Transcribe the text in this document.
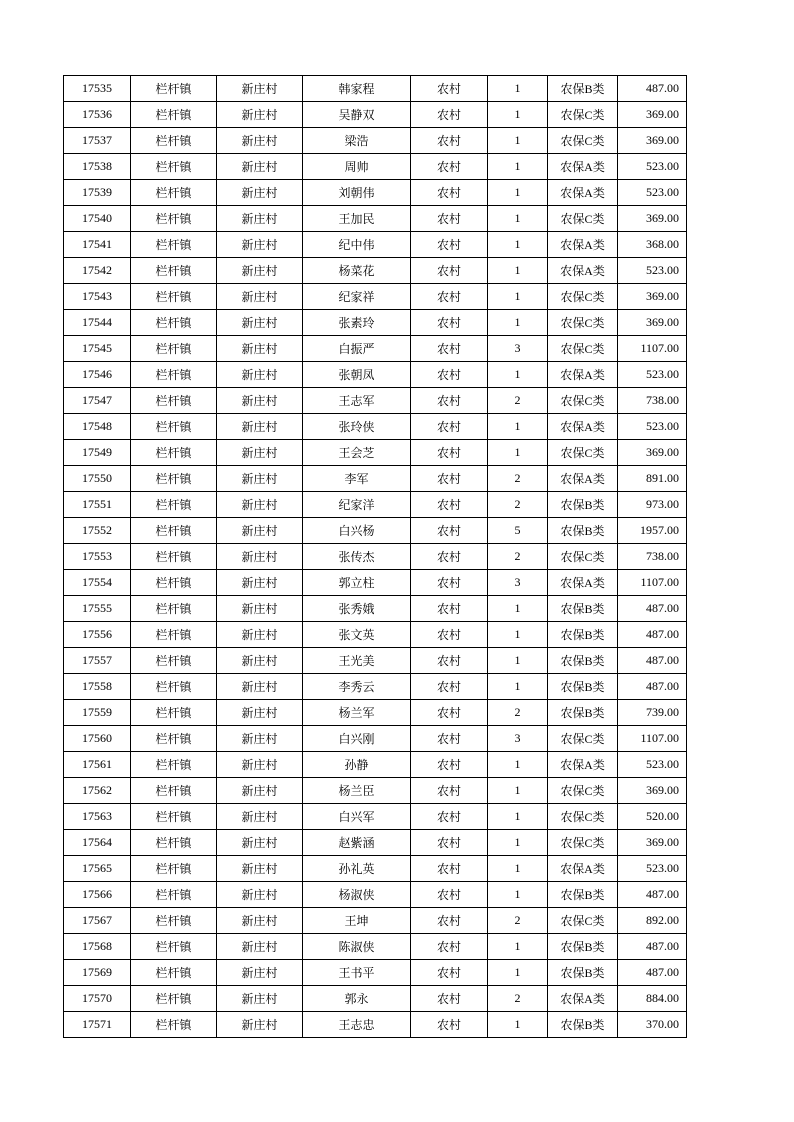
17535	栏杆镇	新庄村	韩家程	农村	1	农保B类	487.00
17536	栏杆镇	新庄村	吴静双	农村	1	农保C类	369.00
17537	栏杆镇	新庄村	梁浩	农村	1	农保C类	369.00
17538	栏杆镇	新庄村	周帅	农村	1	农保A类	523.00
17539	栏杆镇	新庄村	刘朝伟	农村	1	农保A类	523.00
17540	栏杆镇	新庄村	王加民	农村	1	农保C类	369.00
17541	栏杆镇	新庄村	纪中伟	农村	1	农保A类	368.00
17542	栏杆镇	新庄村	杨菜花	农村	1	农保A类	523.00
17543	栏杆镇	新庄村	纪家祥	农村	1	农保C类	369.00
17544	栏杆镇	新庄村	张素玲	农村	1	农保C类	369.00
17545	栏杆镇	新庄村	白振严	农村	3	农保C类	1107.00
17546	栏杆镇	新庄村	张朝凤	农村	1	农保A类	523.00
17547	栏杆镇	新庄村	王志军	农村	2	农保C类	738.00
17548	栏杆镇	新庄村	张玲侠	农村	1	农保A类	523.00
17549	栏杆镇	新庄村	王会芝	农村	1	农保C类	369.00
17550	栏杆镇	新庄村	李军	农村	2	农保A类	891.00
17551	栏杆镇	新庄村	纪家洋	农村	2	农保B类	973.00
17552	栏杆镇	新庄村	白兴杨	农村	5	农保B类	1957.00
17553	栏杆镇	新庄村	张传杰	农村	2	农保C类	738.00
17554	栏杆镇	新庄村	郭立柱	农村	3	农保A类	1107.00
17555	栏杆镇	新庄村	张秀娥	农村	1	农保B类	487.00
17556	栏杆镇	新庄村	张文英	农村	1	农保B类	487.00
17557	栏杆镇	新庄村	王光美	农村	1	农保B类	487.00
17558	栏杆镇	新庄村	李秀云	农村	1	农保B类	487.00
17559	栏杆镇	新庄村	杨兰军	农村	2	农保B类	739.00
17560	栏杆镇	新庄村	白兴刚	农村	3	农保C类	1107.00
17561	栏杆镇	新庄村	孙静	农村	1	农保A类	523.00
17562	栏杆镇	新庄村	杨兰臣	农村	1	农保C类	369.00
17563	栏杆镇	新庄村	白兴军	农村	1	农保C类	520.00
17564	栏杆镇	新庄村	赵紫涵	农村	1	农保C类	369.00
17565	栏杆镇	新庄村	孙礼英	农村	1	农保A类	523.00
17566	栏杆镇	新庄村	杨淑侠	农村	1	农保B类	487.00
17567	栏杆镇	新庄村	王坤	农村	2	农保C类	892.00
17568	栏杆镇	新庄村	陈淑侠	农村	1	农保B类	487.00
17569	栏杆镇	新庄村	王书平	农村	1	农保B类	487.00
17570	栏杆镇	新庄村	郭永	农村	2	农保A类	884.00
17571	栏杆镇	新庄村	王志忠	农村	1	农保B类	370.00
